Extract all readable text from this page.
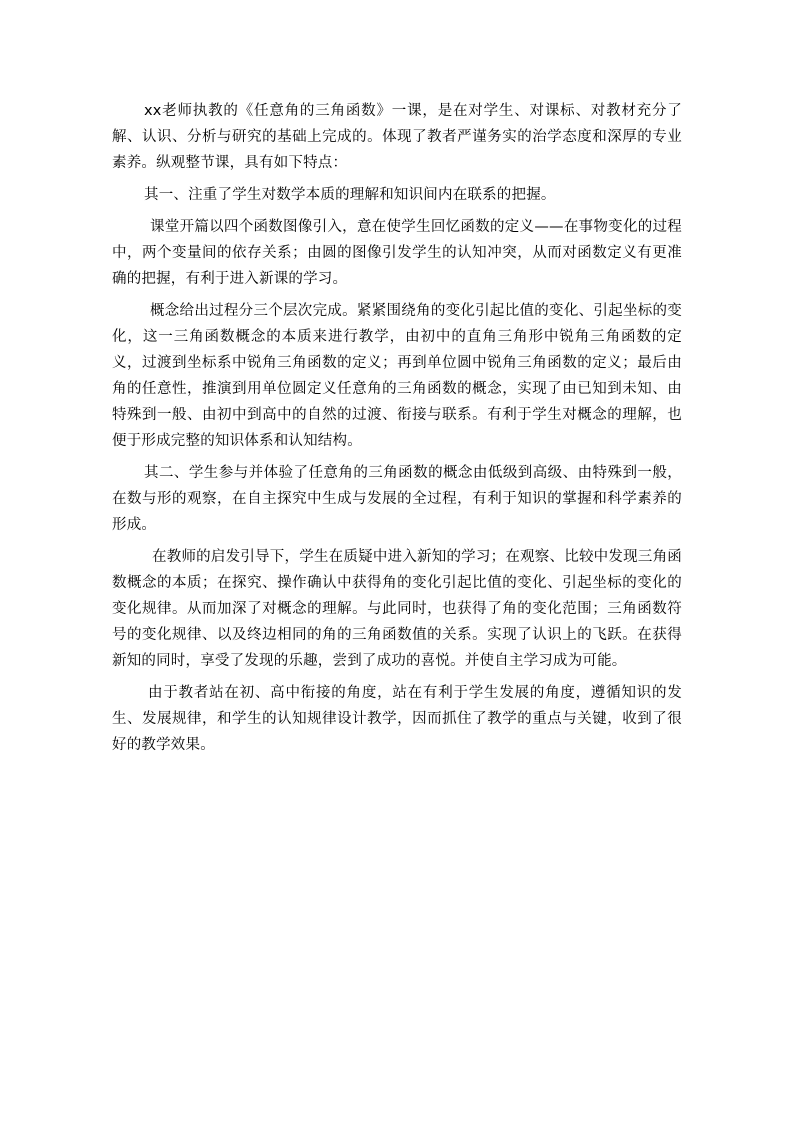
xx老师执教的《任意角的三角函数》一课，是在对学生、对课标、对教材充分了解、认识、分析与研究的基础上完成的。体现了教者严谨务实的治学态度和深厚的专业素养。纵观整节课，具有如下特点：

其一、注重了学生对数学本质的理解和知识间内在联系的把握。

课堂开篇以四个函数图像引入，意在使学生回忆函数的定义——在事物变化的过程中，两个变量间的依存关系；由圆的图像引发学生的认知冲突，从而对函数定义有更准确的把握，有利于进入新课的学习。

概念给出过程分三个层次完成。紧紧围绕角的变化引起比值的变化、引起坐标的变化，这一三角函数概念的本质来进行教学，由初中的直角三角形中锐角三角函数的定义，过渡到坐标系中锐角三角函数的定义；再到单位圆中锐角三角函数的定义；最后由角的任意性，推演到用单位圆定义任意角的三角函数的概念，实现了由已知到未知、由特殊到一般、由初中到高中的自然的过渡、衔接与联系。有利于学生对概念的理解，也便于形成完整的知识体系和认知结构。

其二、学生参与并体验了任意角的三角函数的概念由低级到高级、由特殊到一般，在数与形的观察，在自主探究中生成与发展的全过程，有利于知识的掌握和科学素养的形成。

在教师的启发引导下，学生在质疑中进入新知的学习；在观察、比较中发现三角函数概念的本质；在探究、操作确认中获得角的变化引起比值的变化、引起坐标的变化的变化规律。从而加深了对概念的理解。与此同时，也获得了角的变化范围；三角函数符号的变化规律、以及终边相同的角的三角函数值的关系。实现了认识上的飞跃。在获得新知的同时，享受了发现的乐趣，尝到了成功的喜悦。并使自主学习成为可能。

由于教者站在初、高中衔接的角度，站在有利于学生发展的角度，遵循知识的发生、发展规律，和学生的认知规律设计教学，因而抓住了教学的重点与关键，收到了很好的教学效果。
